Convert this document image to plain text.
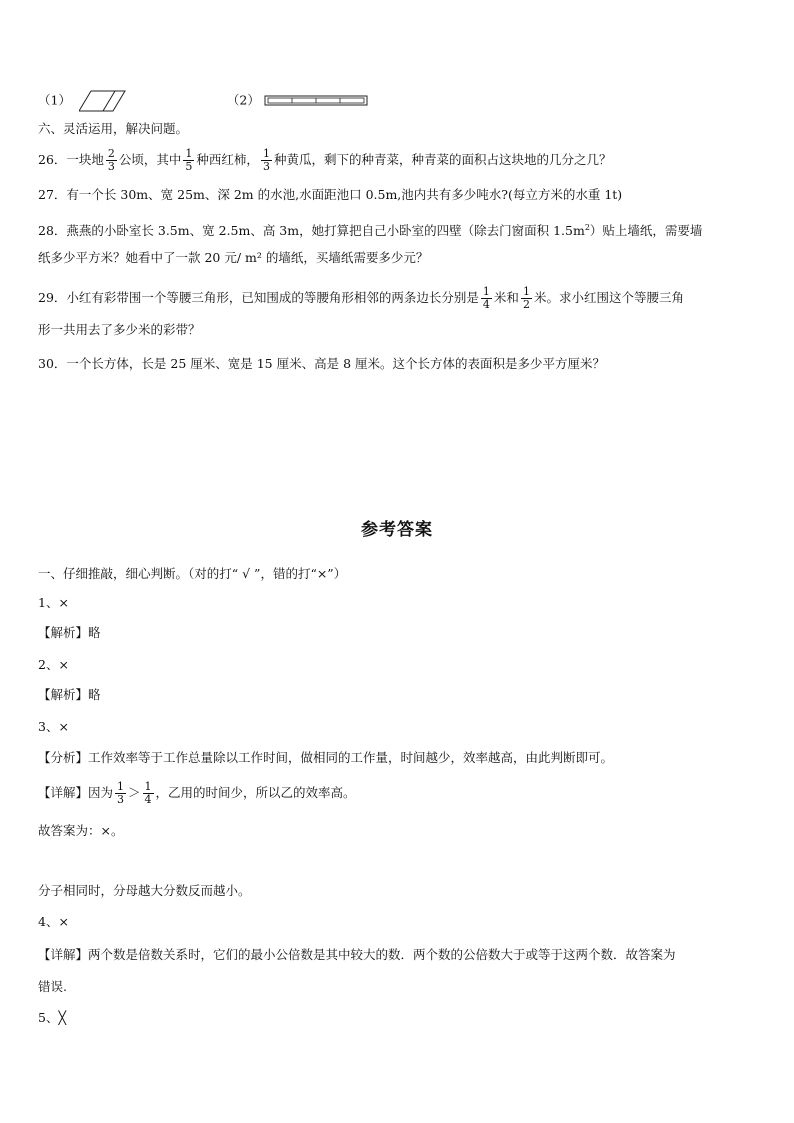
（1）	（2）
六、灵活运用，解决问题。
26．一块地 $\frac{2}{3}$ 公顷，其中 $\frac{1}{5}$ 种西红柿， $\frac{1}{3}$ 种黄瓜，剩下的种青菜，种青菜的面积占这块地的几分之几？
27．有一个长 30m、宽 25m、深 2m 的水池,水面距池口 0.5m,池内共有多少吨水?(每立方米的水重 1t)
28．燕燕的小卧室长 3.5m、宽 2.5m、高 3m，她打算把自己小卧室的四壁（除去门窗面积 $1.5m^2$）贴上墙纸，需要墙
纸多少平方米？她看中了一款 20 元/ m² 的墙纸，买墙纸需要多少元？
29．小红有彩带围一个等腰三角形，已知围成的等腰角形相邻的两条边长分别是 $\frac{1}{4}$ 米和 $\frac{1}{2}$ 米。求小红围这个等腰三角
形一共用去了多少米的彩带？
30．一个长方体，长是 25 厘米、宽是 15 厘米、高是 8 厘米。这个长方体的表面积是多少平方厘米？
参考答案
一、仔细推敲，细心判断。（对的打“ √ ”，错的打“×”）
1、×
【解析】略
2、×
【解析】略
3、×
【分析】工作效率等于工作总量除以工作时间，做相同的工作量，时间越少，效率越高，由此判断即可。
【详解】因为 $\frac{1}{3} > \frac{1}{4}$ ，乙用的时间少，所以乙的效率高。
故答案为：×。
分子相同时，分母越大分数反而越小。
4、×
【详解】两个数是倍数关系时，它们的最小公倍数是其中较大的数．两个数的公倍数大于或等于这两个数．故答案为
错误.
5、╳
